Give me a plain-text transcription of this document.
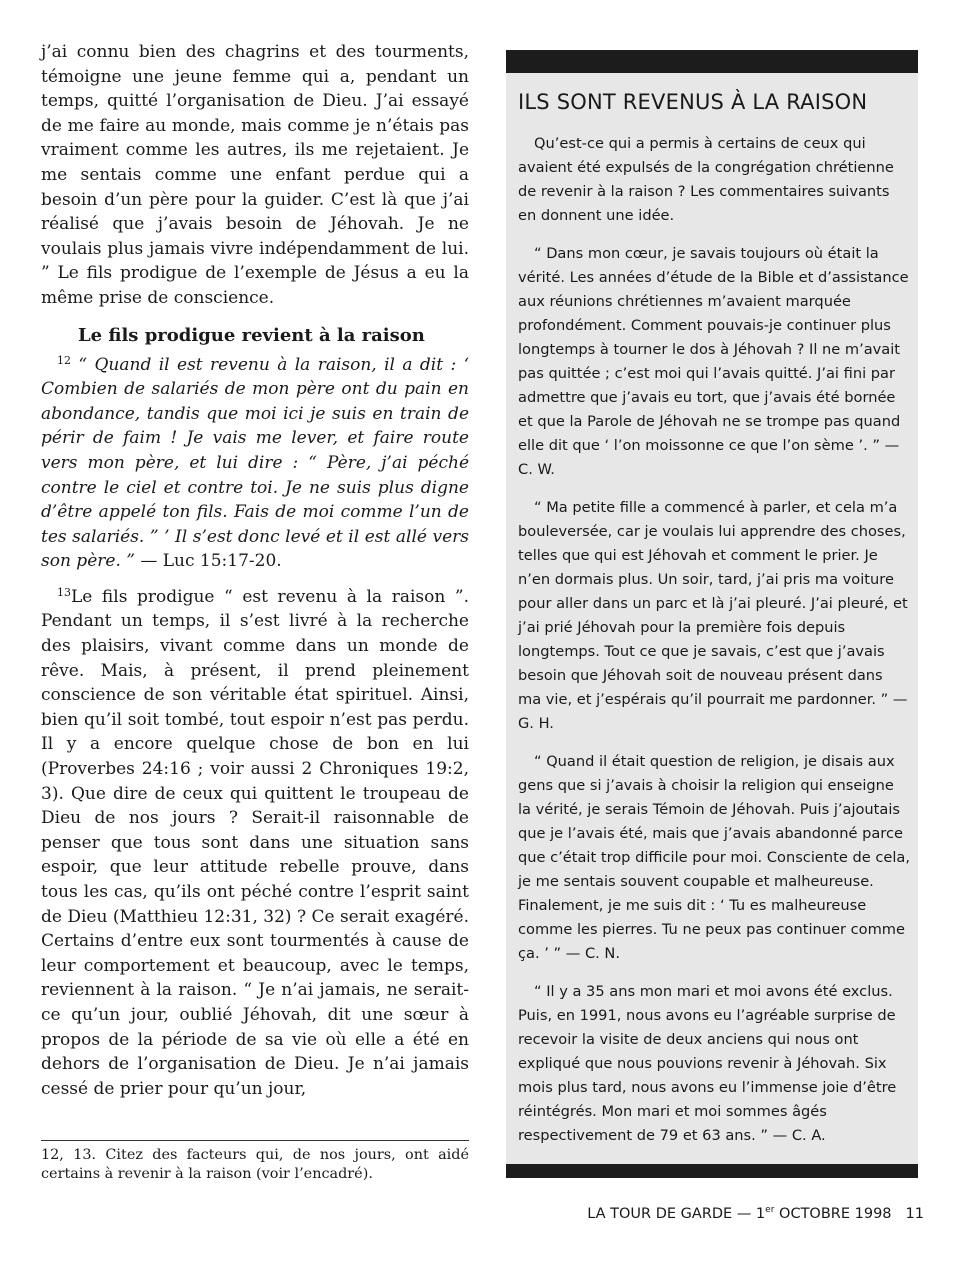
j’ai connu bien des chagrins et des tourments, témoigne une jeune femme qui a, pendant un temps, quitté l’organisation de Dieu. J’ai essayé de me faire au monde, mais comme je n’étais pas vraiment comme les autres, ils me rejetaient. Je me sentais comme une enfant perdue qui a besoin d’un père pour la guider. C’est là que j’ai réalisé que j’avais besoin de Jéhovah. Je ne voulais plus jamais vivre indépendamment de lui. ” Le fils prodigue de l’exemple de Jésus a eu la même prise de conscience.

Le fils prodigue revient à la raison

$^{12}$ “ Quand il est revenu à la raison, il a dit : ‘ Combien de salariés de mon père ont du pain en abondance, tandis que moi ici je suis en train de périr de faim ! Je vais me lever, et faire route vers mon père, et lui dire : “ Père, j’ai péché contre le ciel et contre toi. Je ne suis plus digne d’être appelé ton fils. Fais de moi comme l’un de tes salariés. ” ’ Il s’est donc levé et il est allé vers son père. ” — Luc 15:17-20.

$^{13}$Le fils prodigue “ est revenu à la raison ”. Pendant un temps, il s’est livré à la recherche des plaisirs, vivant comme dans un monde de rêve. Mais, à présent, il prend pleinement conscience de son véritable état spirituel. Ainsi, bien qu’il soit tombé, tout espoir n’est pas perdu. Il y a encore quelque chose de bon en lui (Proverbes 24:16 ; voir aussi 2 Chroniques 19:2, 3). Que dire de ceux qui quittent le troupeau de Dieu de nos jours ? Serait-il raisonnable de penser que tous sont dans une situation sans espoir, que leur attitude rebelle prouve, dans tous les cas, qu’ils ont péché contre l’esprit saint de Dieu (Matthieu 12:31, 32) ? Ce serait exagéré. Certains d’entre eux sont tourmentés à cause de leur comportement et beaucoup, avec le temps, reviennent à la raison. “ Je n’ai jamais, ne serait-ce qu’un jour, oublié Jéhovah, dit une sœur à propos de la période de sa vie où elle a été en dehors de l’organisation de Dieu. Je n’ai jamais cessé de prier pour qu’un jour,

12, 13. Citez des facteurs qui, de nos jours, ont aidé certains à revenir à la raison (voir l’encadré).
ILS SONT REVENUS À LA RAISON

Qu’est-ce qui a permis à certains de ceux qui avaient été expulsés de la congrégation chrétienne de revenir à la raison ? Les commentaires suivants en donnent une idée.

“ Dans mon cœur, je savais toujours où était la vérité. Les années d’étude de la Bible et d’assistance aux réunions chrétiennes m’avaient marquée profondément. Comment pouvais-je continuer plus longtemps à tourner le dos à Jéhovah ? Il ne m’avait pas quittée ; c’est moi qui l’avais quitté. J’ai fini par admettre que j’avais eu tort, que j’avais été bornée et que la Parole de Jéhovah ne se trompe pas quand elle dit que ‘ l’on moissonne ce que l’on sème ’. ” — C. W.

“ Ma petite fille a commencé à parler, et cela m’a bouleversée, car je voulais lui apprendre des choses, telles que qui est Jéhovah et comment le prier. Je n’en dormais plus. Un soir, tard, j’ai pris ma voiture pour aller dans un parc et là j’ai pleuré. J’ai pleuré, et j’ai prié Jéhovah pour la première fois depuis longtemps. Tout ce que je savais, c’est que j’avais besoin que Jéhovah soit de nouveau présent dans ma vie, et j’espérais qu’il pourrait me pardonner. ” — G. H.

“ Quand il était question de religion, je disais aux gens que si j’avais à choisir la religion qui enseigne la vérité, je serais Témoin de Jéhovah. Puis j’ajoutais que je l’avais été, mais que j’avais abandonné parce que c’était trop difficile pour moi. Consciente de cela, je me sentais souvent coupable et malheureuse. Finalement, je me suis dit : ‘ Tu es malheureuse comme les pierres. Tu ne peux pas continuer comme ça. ’ ” — C. N.

“ Il y a 35 ans mon mari et moi avons été exclus. Puis, en 1991, nous avons eu l’agréable surprise de recevoir la visite de deux anciens qui nous ont expliqué que nous pouvions revenir à Jéhovah. Six mois plus tard, nous avons eu l’immense joie d’être réintégrés. Mon mari et moi sommes âgés respectivement de 79 et 63 ans. ” — C. A.

LA TOUR DE GARDE — 1er OCTOBRE 1998 11
